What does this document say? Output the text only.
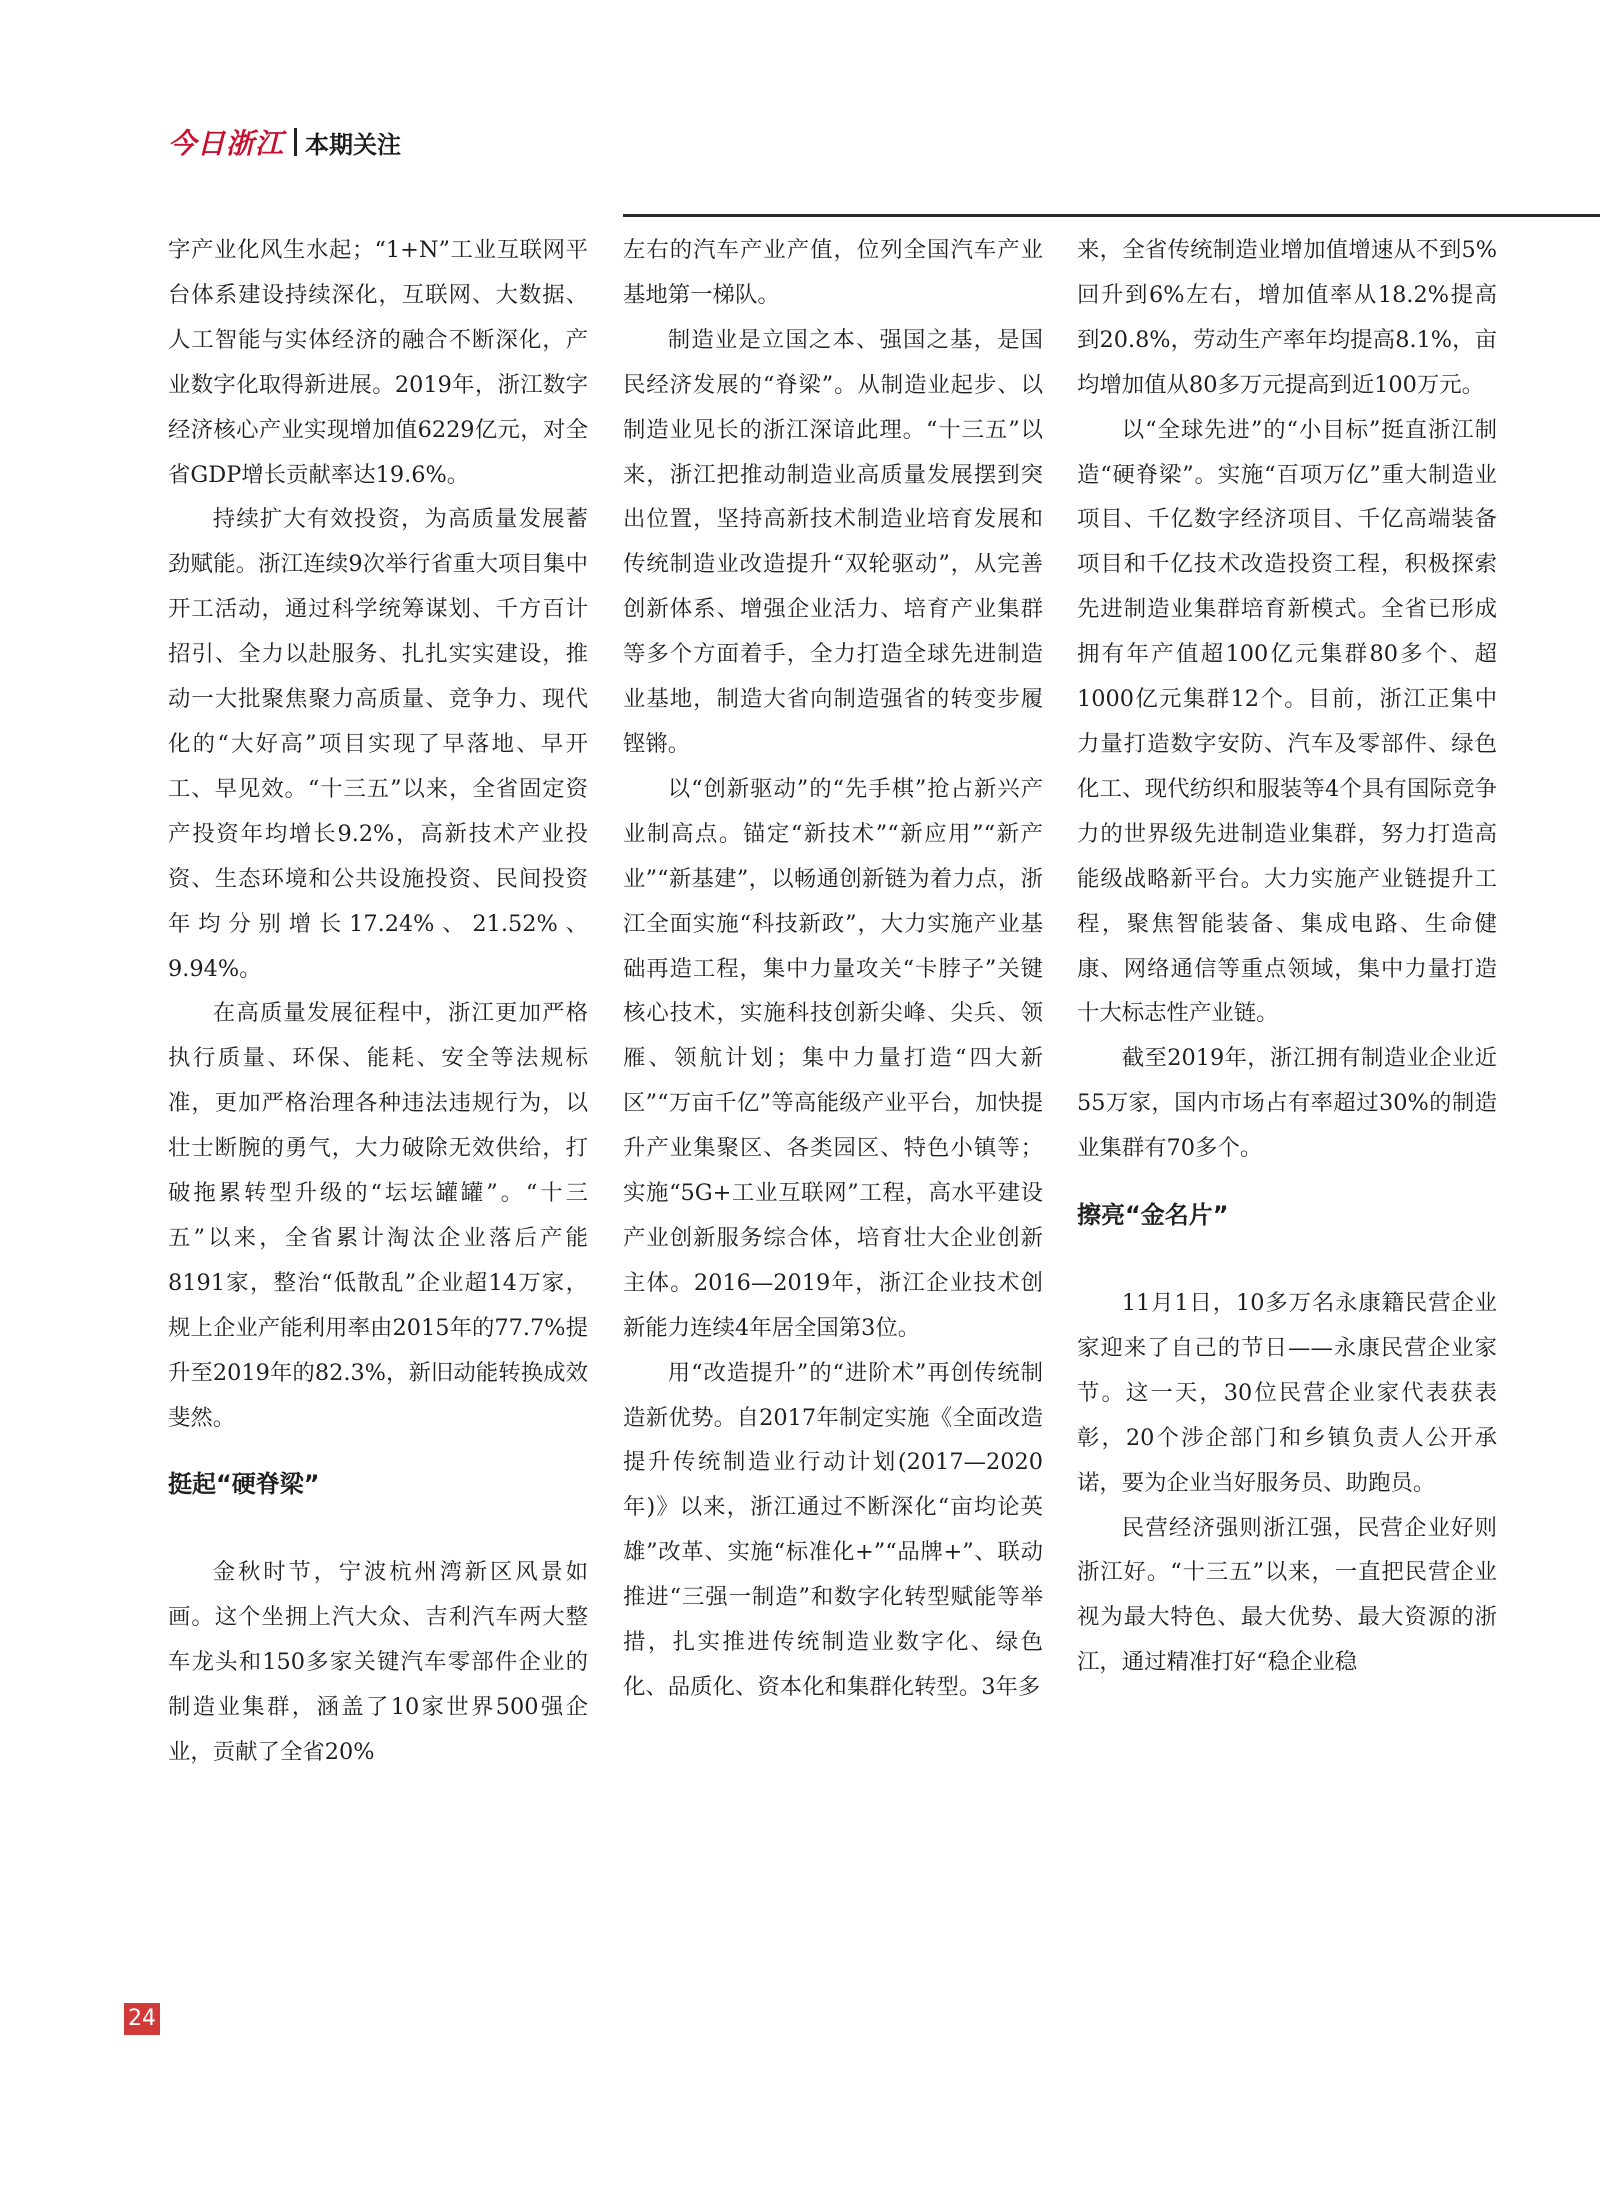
今日浙江 本期关注

字产业化风生水起；“1+N”工业互联网平台体系建设持续深化，互联网、大数据、人工智能与实体经济的融合不断深化，产业数字化取得新进展。2019年，浙江数字经济核心产业实现增加值6229亿元，对全省GDP增长贡献率达19.6%。

持续扩大有效投资，为高质量发展蓄劲赋能。浙江连续9次举行省重大项目集中开工活动，通过科学统筹谋划、千方百计招引、全力以赴服务、扎扎实实建设，推动一大批聚焦聚力高质量、竞争力、现代化的“大好高”项目实现了早落地、早开工、早见效。“十三五”以来，全省固定资产投资年均增长9.2%，高新技术产业投资、生态环境和公共设施投资、民间投资年均分别增长17.24%、21.52%、9.94%。

在高质量发展征程中，浙江更加严格执行质量、环保、能耗、安全等法规标准，更加严格治理各种违法违规行为，以壮士断腕的勇气，大力破除无效供给，打破拖累转型升级的“坛坛罐罐”。“十三五”以来，全省累计淘汰企业落后产能8191家，整治“低散乱”企业超14万家，规上企业产能利用率由2015年的77.7%提升至2019年的82.3%，新旧动能转换成效斐然。

挺起“硬脊梁”

金秋时节，宁波杭州湾新区风景如画。这个坐拥上汽大众、吉利汽车两大整车龙头和150多家关键汽车零部件企业的制造业集群，涵盖了10家世界500强企业，贡献了全省20%

左右的汽车产业产值，位列全国汽车产业基地第一梯队。

制造业是立国之本、强国之基，是国民经济发展的“脊梁”。从制造业起步、以制造业见长的浙江深谙此理。“十三五”以来，浙江把推动制造业高质量发展摆到突出位置，坚持高新技术制造业培育发展和传统制造业改造提升“双轮驱动”，从完善创新体系、增强企业活力、培育产业集群等多个方面着手，全力打造全球先进制造业基地，制造大省向制造强省的转变步履铿锵。

以“创新驱动”的“先手棋”抢占新兴产业制高点。锚定“新技术”“新应用”“新产业”“新基建”，以畅通创新链为着力点，浙江全面实施“科技新政”，大力实施产业基础再造工程，集中力量攻关“卡脖子”关键核心技术，实施科技创新尖峰、尖兵、领雁、领航计划；集中力量打造“四大新区”“万亩千亿”等高能级产业平台，加快提升产业集聚区、各类园区、特色小镇等；实施“5G+工业互联网”工程，高水平建设产业创新服务综合体，培育壮大企业创新主体。2016—2019年，浙江企业技术创新能力连续4年居全国第3位。

用“改造提升”的“进阶术”再创传统制造新优势。自2017年制定实施《全面改造提升传统制造业行动计划(2017—2020年)》以来，浙江通过不断深化“亩均论英雄”改革、实施“标准化+”“品牌+”、联动推进“三强一制造”和数字化转型赋能等举措，扎实推进传统制造业数字化、绿色化、品质化、资本化和集群化转型。3年多

来，全省传统制造业增加值增速从不到5%回升到6%左右，增加值率从18.2%提高到20.8%，劳动生产率年均提高8.1%，亩均增加值从80多万元提高到近100万元。

以“全球先进”的“小目标”挺直浙江制造“硬脊梁”。实施“百项万亿”重大制造业项目、千亿数字经济项目、千亿高端装备项目和千亿技术改造投资工程，积极探索先进制造业集群培育新模式。全省已形成拥有年产值超100亿元集群80多个、超1000亿元集群12个。目前，浙江正集中力量打造数字安防、汽车及零部件、绿色化工、现代纺织和服装等4个具有国际竞争力的世界级先进制造业集群，努力打造高能级战略新平台。大力实施产业链提升工程，聚焦智能装备、集成电路、生命健康、网络通信等重点领域，集中力量打造十大标志性产业链。

截至2019年，浙江拥有制造业企业近55万家，国内市场占有率超过30%的制造业集群有70多个。

擦亮“金名片”

11月1日，10多万名永康籍民营企业家迎来了自己的节日——永康民营企业家节。这一天，30位民营企业家代表获表彰，20个涉企部门和乡镇负责人公开承诺，要为企业当好服务员、助跑员。

民营经济强则浙江强，民营企业好则浙江好。“十三五”以来，一直把民营企业视为最大特色、最大优势、最大资源的浙江，通过精准打好“稳企业稳

24
